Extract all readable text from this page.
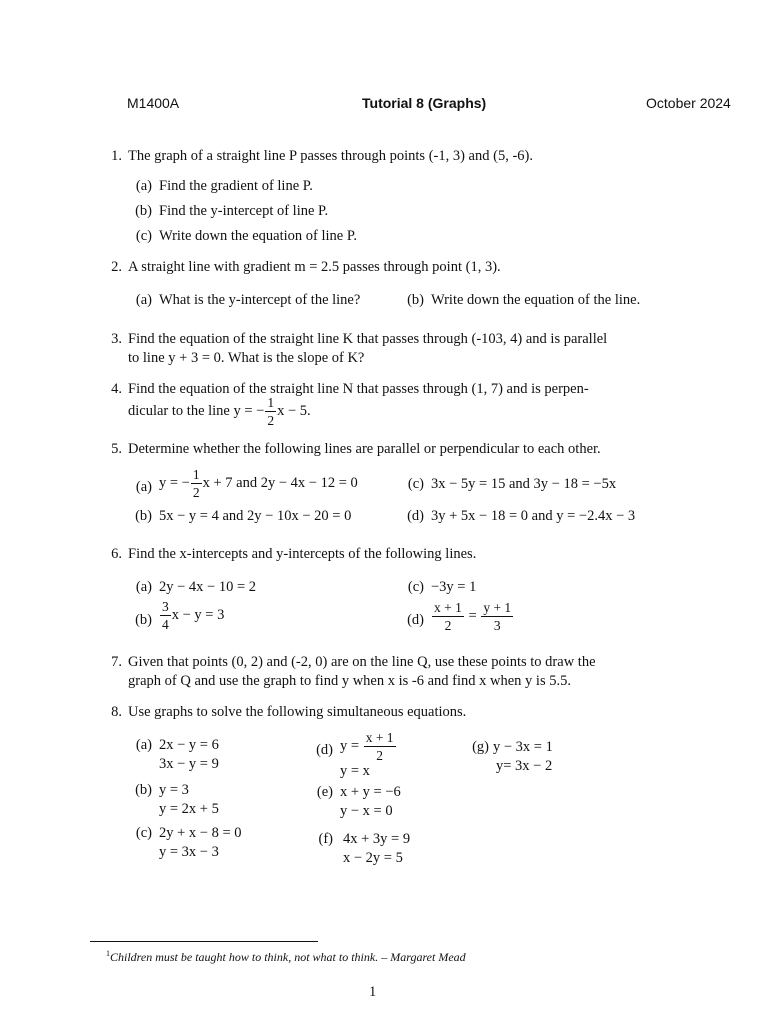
M1400A	Tutorial 8 (Graphs)	October 2024
1. The graph of a straight line P passes through points (-1, 3) and (5, -6).
(a) Find the gradient of line P.
(b) Find the y-intercept of line P.
(c) Write down the equation of line P.
2. A straight line with gradient m = 2.5 passes through point (1, 3).
(a) What is the y-intercept of the line?	(b) Write down the equation of the line.
3. Find the equation of the straight line K that passes through (-103, 4) and is parallel
to line y + 3 = 0. What is the slope of K?
4. Find the equation of the straight line N that passes through (1, 7) and is perpen-
dicular to the line y = − $\frac{1}{2}$ x − 5.
5. Determine whether the following lines are parallel or perpendicular to each other.
(a) y = − $\frac{1}{2}$ x + 7 and 2y − 4x − 12 = 0
(b) 5x − y = 4 and 2y − 10x − 20 = 0
(c) 3x − 5y = 15 and 3y − 18 = −5x
(d) 3y + 5x − 18 = 0 and y = −2.4x − 3
6. Find the x-intercepts and y-intercepts of the following lines.
(a) 2y − 4x − 10 = 2
$(b) \frac{3}{4}$ x − y = 3
(c) −3y = 1
$(d) \frac{x + 1}{2} = \frac{y + 1}{3}$
7. Given that points (0, 2) and (-2, 0) are on the line Q, use these points to draw the
graph of Q and use the graph to find y when x is -6 and find x when y is 5.5.
8. Use graphs to solve the following simultaneous equations.
(a) 2x − y = 6
3x − y = 9
(b) y = 3
y = 2x + 5
(c) 2y + x − 8 = 0
y = 3x − 3
(d) $y = \frac{x + 1}{2}$
y = x
(e) x + y = −6
y − x = 0
(f) 4x + 3y = 9
x − 2y = 5
(g) y − 3x = 1
y= 3x − 2
$^1$Children must be taught how to think, not what to think. – Margaret Mead
1
